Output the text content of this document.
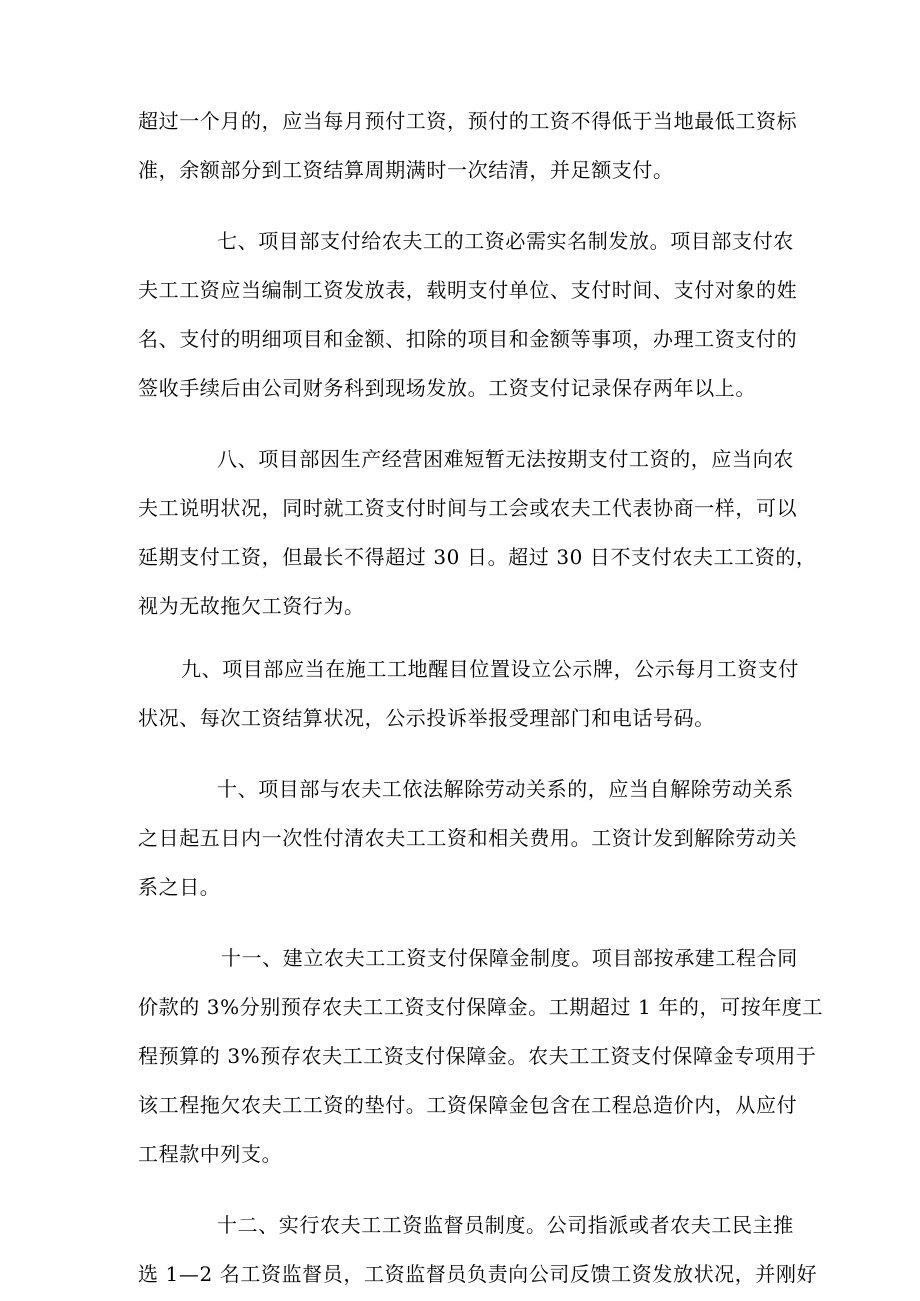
超过一个月的，应当每月预付工资，预付的工资不得低于当地最低工资标
准，余额部分到工资结算周期满时一次结清，并足额支付。
七、项目部支付给农夫工的工资必需实名制发放。项目部支付农
夫工工资应当编制工资发放表，载明支付单位、支付时间、支付对象的姓
名、支付的明细项目和金额、扣除的项目和金额等事项，办理工资支付的
签收手续后由公司财务科到现场发放。工资支付记录保存两年以上。
八、项目部因生产经营困难短暂无法按期支付工资的，应当向农
夫工说明状况，同时就工资支付时间与工会或农夫工代表协商一样，可以
延期支付工资，但最长不得超过 30 日。超过 30 日不支付农夫工工资的，
视为无故拖欠工资行为。
九、项目部应当在施工工地醒目位置设立公示牌，公示每月工资支付
状况、每次工资结算状况，公示投诉举报受理部门和电话号码。
十、项目部与农夫工依法解除劳动关系的，应当自解除劳动关系
之日起五日内一次性付清农夫工工资和相关费用。工资计发到解除劳动关
系之日。
十一、建立农夫工工资支付保障金制度。项目部按承建工程合同
价款的 3%分别预存农夫工工资支付保障金。工期超过 1 年的，可按年度工
程预算的 3%预存农夫工工资支付保障金。农夫工工资支付保障金专项用于
该工程拖欠农夫工工资的垫付。工资保障金包含在工程总造价内，从应付
工程款中列支。
十二、实行农夫工工资监督员制度。公司指派或者农夫工民主推
选 1—2 名工资监督员，工资监督员负责向公司反馈工资发放状况，并刚好
